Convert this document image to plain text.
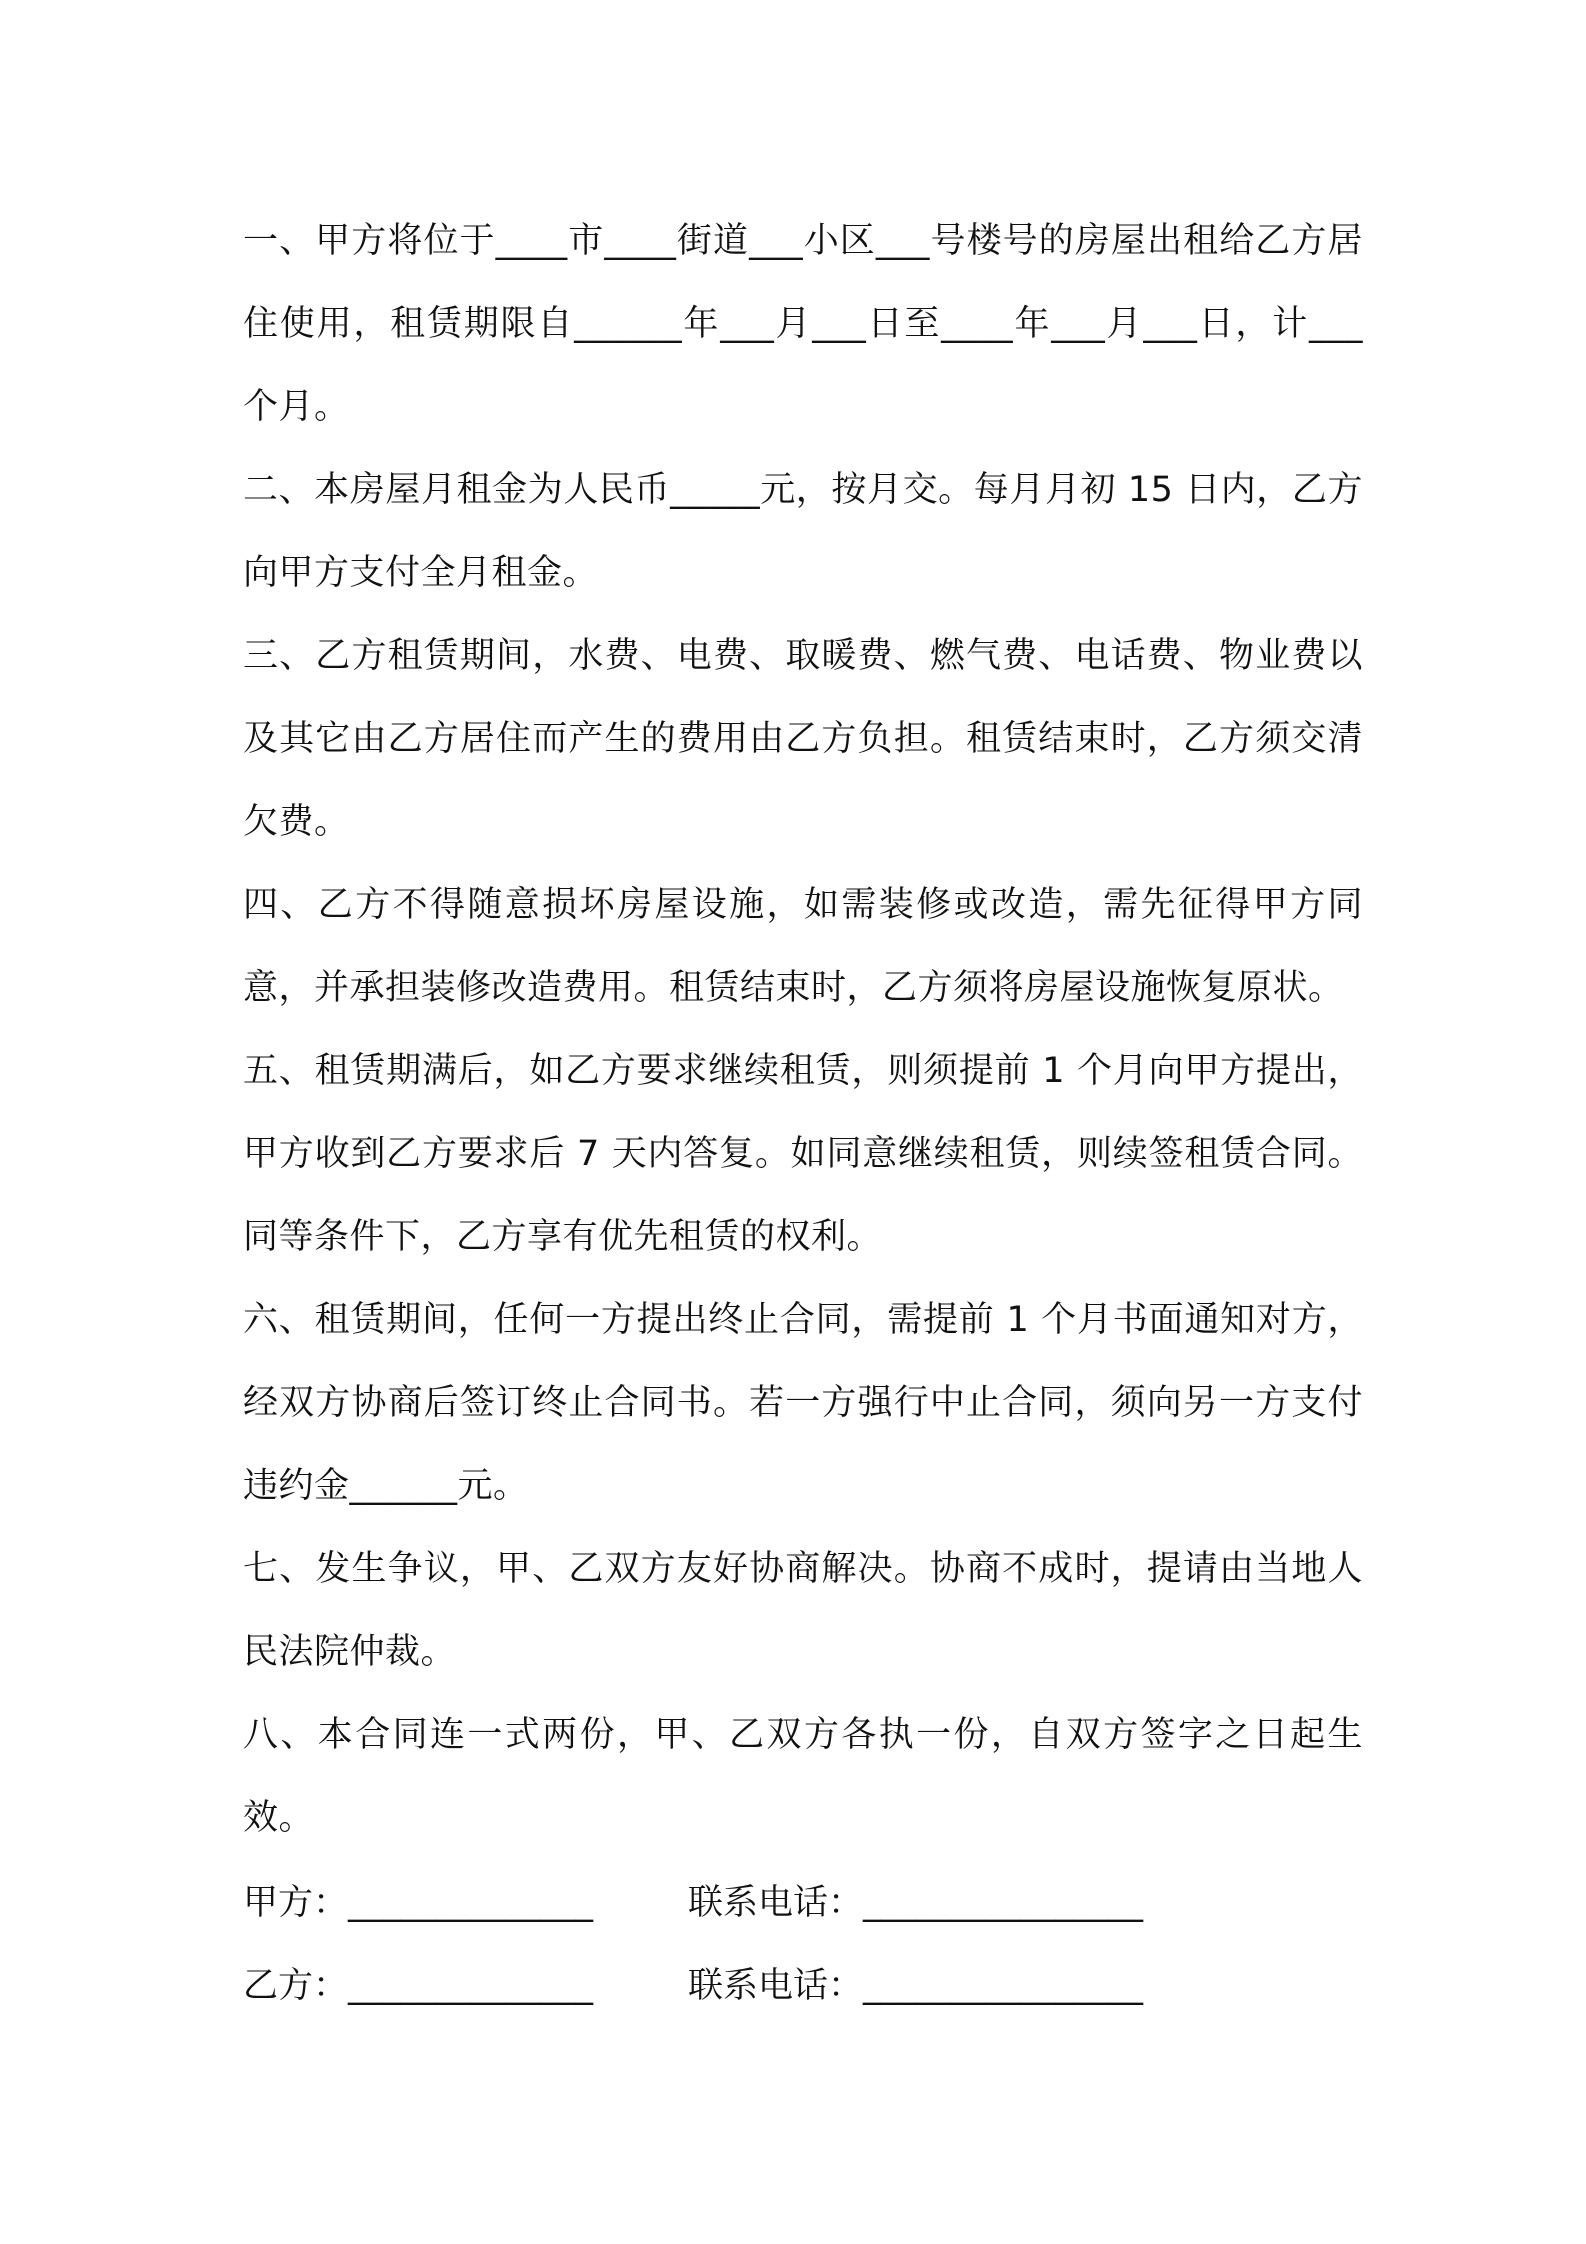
一、甲方将位于____市____街道___小区___号楼号的房屋出租给乙方居住使用，租赁期限自______年___月___日至____年___月___日，计___个月。

二、本房屋月租金为人民币_____元，按月交。每月月初 15 日内，乙方向甲方支付全月租金。

三、乙方租赁期间，水费、电费、取暖费、燃气费、电话费、物业费以及其它由乙方居住而产生的费用由乙方负担。租赁结束时，乙方须交清欠费。

四、乙方不得随意损坏房屋设施，如需装修或改造，需先征得甲方同意，并承担装修改造费用。租赁结束时，乙方须将房屋设施恢复原状。

五、租赁期满后，如乙方要求继续租赁，则须提前 1 个月向甲方提出，甲方收到乙方要求后 7 天内答复。如同意继续租赁，则续签租赁合同。同等条件下，乙方享有优先租赁的权利。

六、租赁期间，任何一方提出终止合同，需提前 1 个月书面通知对方，经双方协商后签订终止合同书。若一方强行中止合同，须向另一方支付违约金______元。

七、发生争议，甲、乙双方友好协商解决。协商不成时，提请由当地人民法院仲裁。

八、本合同连一式两份，甲、乙双方各执一份，自双方签字之日起生效。

甲方：______________	联系电话：________________
乙方：______________	联系电话：________________
